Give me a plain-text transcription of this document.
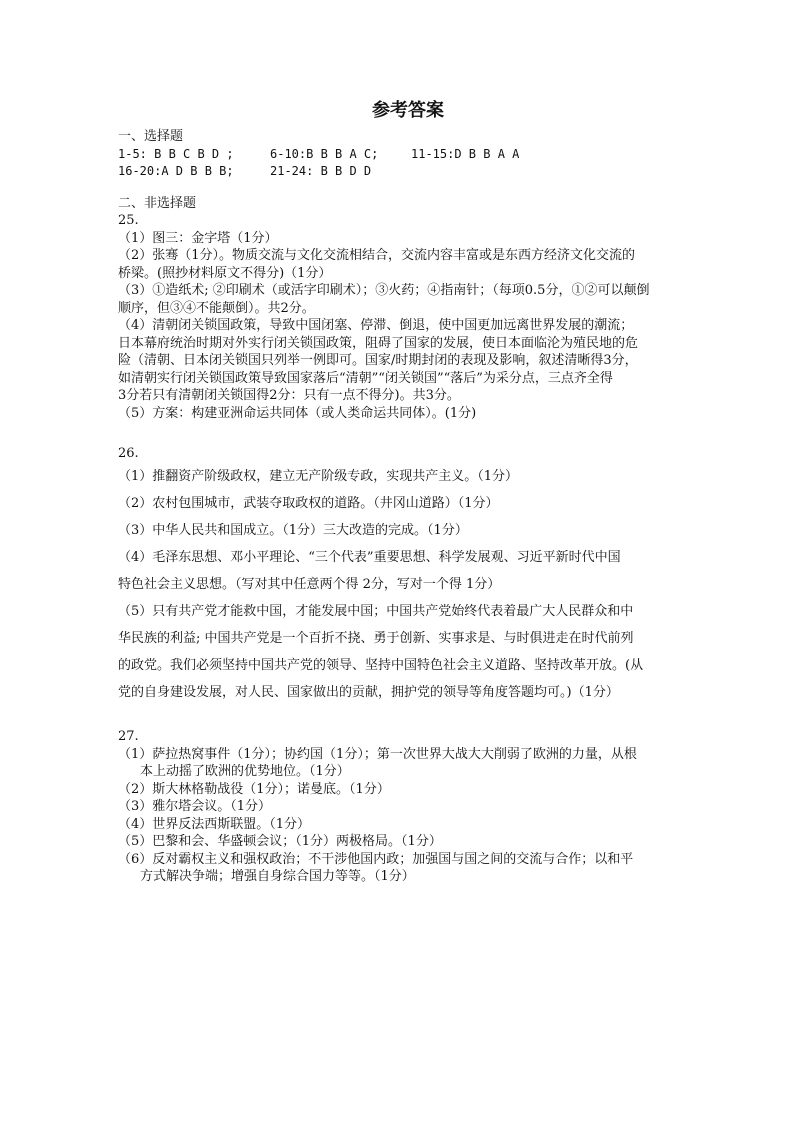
参考答案
一、选择题
1-5: B B C B D ;	6-10:B B B A C;	11-15:D B B A A
16-20:A D B B B;	21-24: B B D D
二、非选择题
25.
（1）图三：金字塔（1分）
（2）张骞（1分）。物质交流与文化交流相结合，交流内容丰富或是东西方经济文化交流的
桥梁。(照抄材料原文不得分)（1分）
（3）①造纸术; ②印刷术（或活字印刷术）；③火药；④指南针；（每项0.5分，①②可以颠倒
顺序，但③④不能颠倒）。共2分。
（4）清朝闭关锁国政策，导致中国闭塞、停滞、倒退，使中国更加远离世界发展的潮流；
日本幕府统治时期对外实行闭关锁国政策，阻碍了国家的发展，使日本面临沦为殖民地的危
险（清朝、日本闭关锁国只列举一例即可。国家/时期封闭的表现及影响，叙述清晰得3分，
如清朝实行闭关锁国政策导致国家落后“清朝”“闭关锁国”“落后”为采分点，三点齐全得
3分若只有清朝闭关锁国得2分：只有一点不得分)。共3分。
（5）方案：构建亚洲命运共同体（或人类命运共同体）。(1分)
26.
（1）推翻资产阶级政权，建立无产阶级专政，实现共产主义。（1分）
（2）农村包围城市，武装夺取政权的道路。（井冈山道路）（1分）
（3）中华人民共和国成立。（1分）三大改造的完成。（1分）
（4）毛泽东思想、邓小平理论、“三个代表”重要思想、科学发展观、习近平新时代中国
特色社会主义思想。（写对其中任意两个得 2分，写对一个得 1分）
（5）只有共产党才能救中国，才能发展中国；中国共产党始终代表着最广大人民群众和中
华民族的利益; 中国共产党是一个百折不挠、勇于创新、实事求是、与时俱进走在时代前列
的政党。我们必须坚持中国共产党的领导、坚持中国特色社会主义道路、坚持改革开放。(从
党的自身建设发展，对人民、国家做出的贡献，拥护党的领导等角度答题均可。)（1分）
27.
（1）萨拉热窝事件（1分）；协约国（1分）；第一次世界大战大大削弱了欧洲的力量，从根
本上动摇了欧洲的优势地位。（1分）
（2）斯大林格勒战役（1分）；诺曼底。（1分）
（3）雅尔塔会议。（1分）
（4）世界反法西斯联盟。（1分）
（5）巴黎和会、华盛顿会议；（1分）两极格局。（1分）
（6）反对霸权主义和强权政治；不干涉他国内政；加强国与国之间的交流与合作；以和平
方式解决争端；增强自身综合国力等等。（1分）
